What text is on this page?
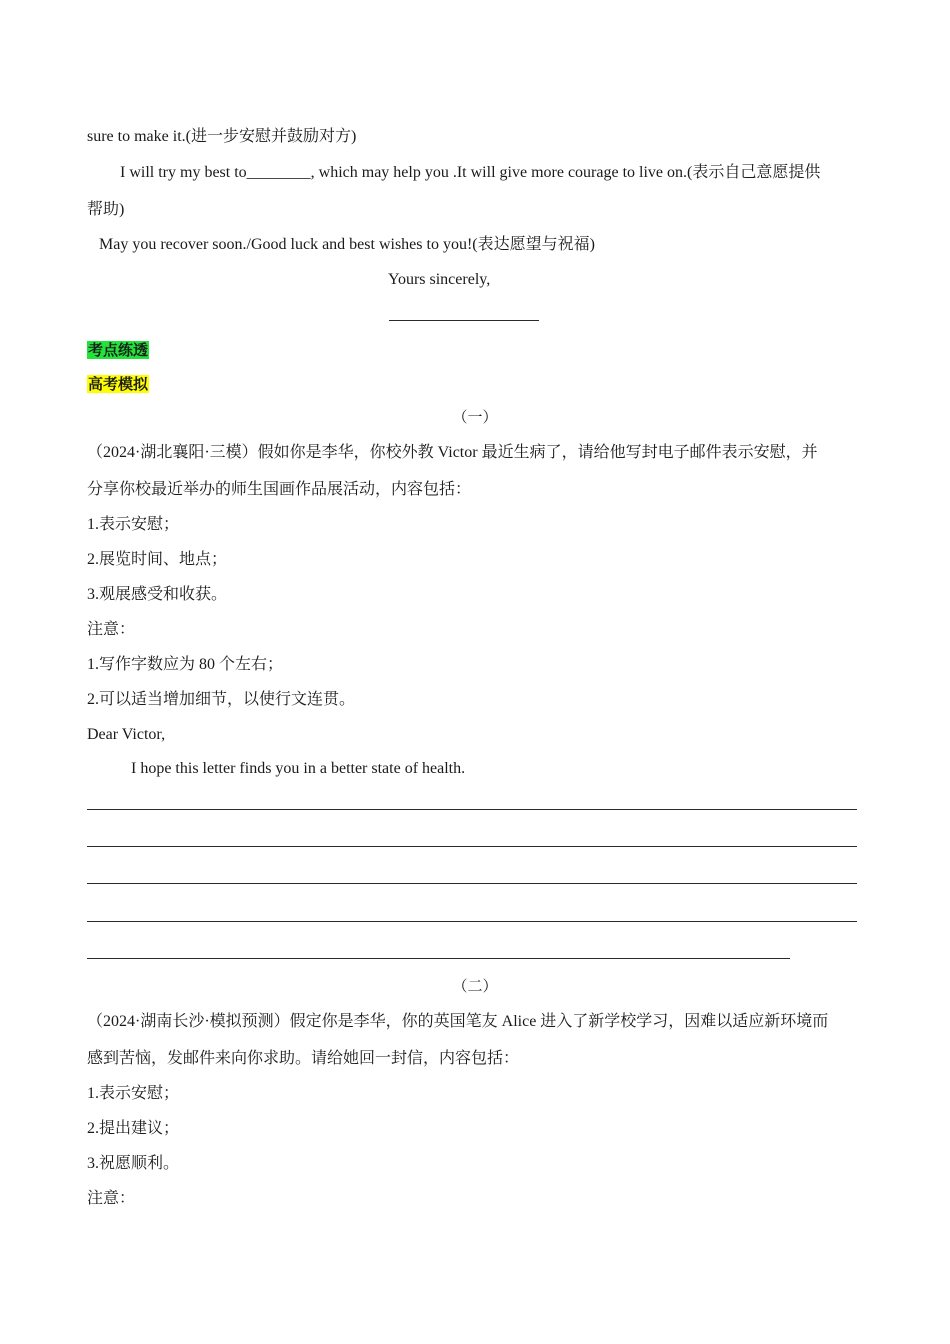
sure to make it.(进一步安慰并鼓励对方)
I will try my best to________, which may help you .It will give more courage to live on.(表示自己意愿提供
帮助)
May you recover soon./Good luck and best wishes to you!(表达愿望与祝福)
Yours sincerely,
考点练透
高考模拟
（一）
（2024·湖北襄阳·三模）假如你是李华，你校外教 Victor 最近生病了，请给他写封电子邮件表示安慰，并
分享你校最近举办的师生国画作品展活动，内容包括：
1.表示安慰；
2.展览时间、地点；
3.观展感受和收获。
注意：
1.写作字数应为 80 个左右；
2.可以适当增加细节，以使行文连贯。
Dear Victor,
I hope this letter finds you in a better state of health.
（二）
（2024·湖南长沙·模拟预测）假定你是李华，你的英国笔友 Alice 进入了新学校学习，因难以适应新环境而
感到苦恼，发邮件来向你求助。请给她回一封信，内容包括：
1.表示安慰；
2.提出建议；
3.祝愿顺利。
注意：
